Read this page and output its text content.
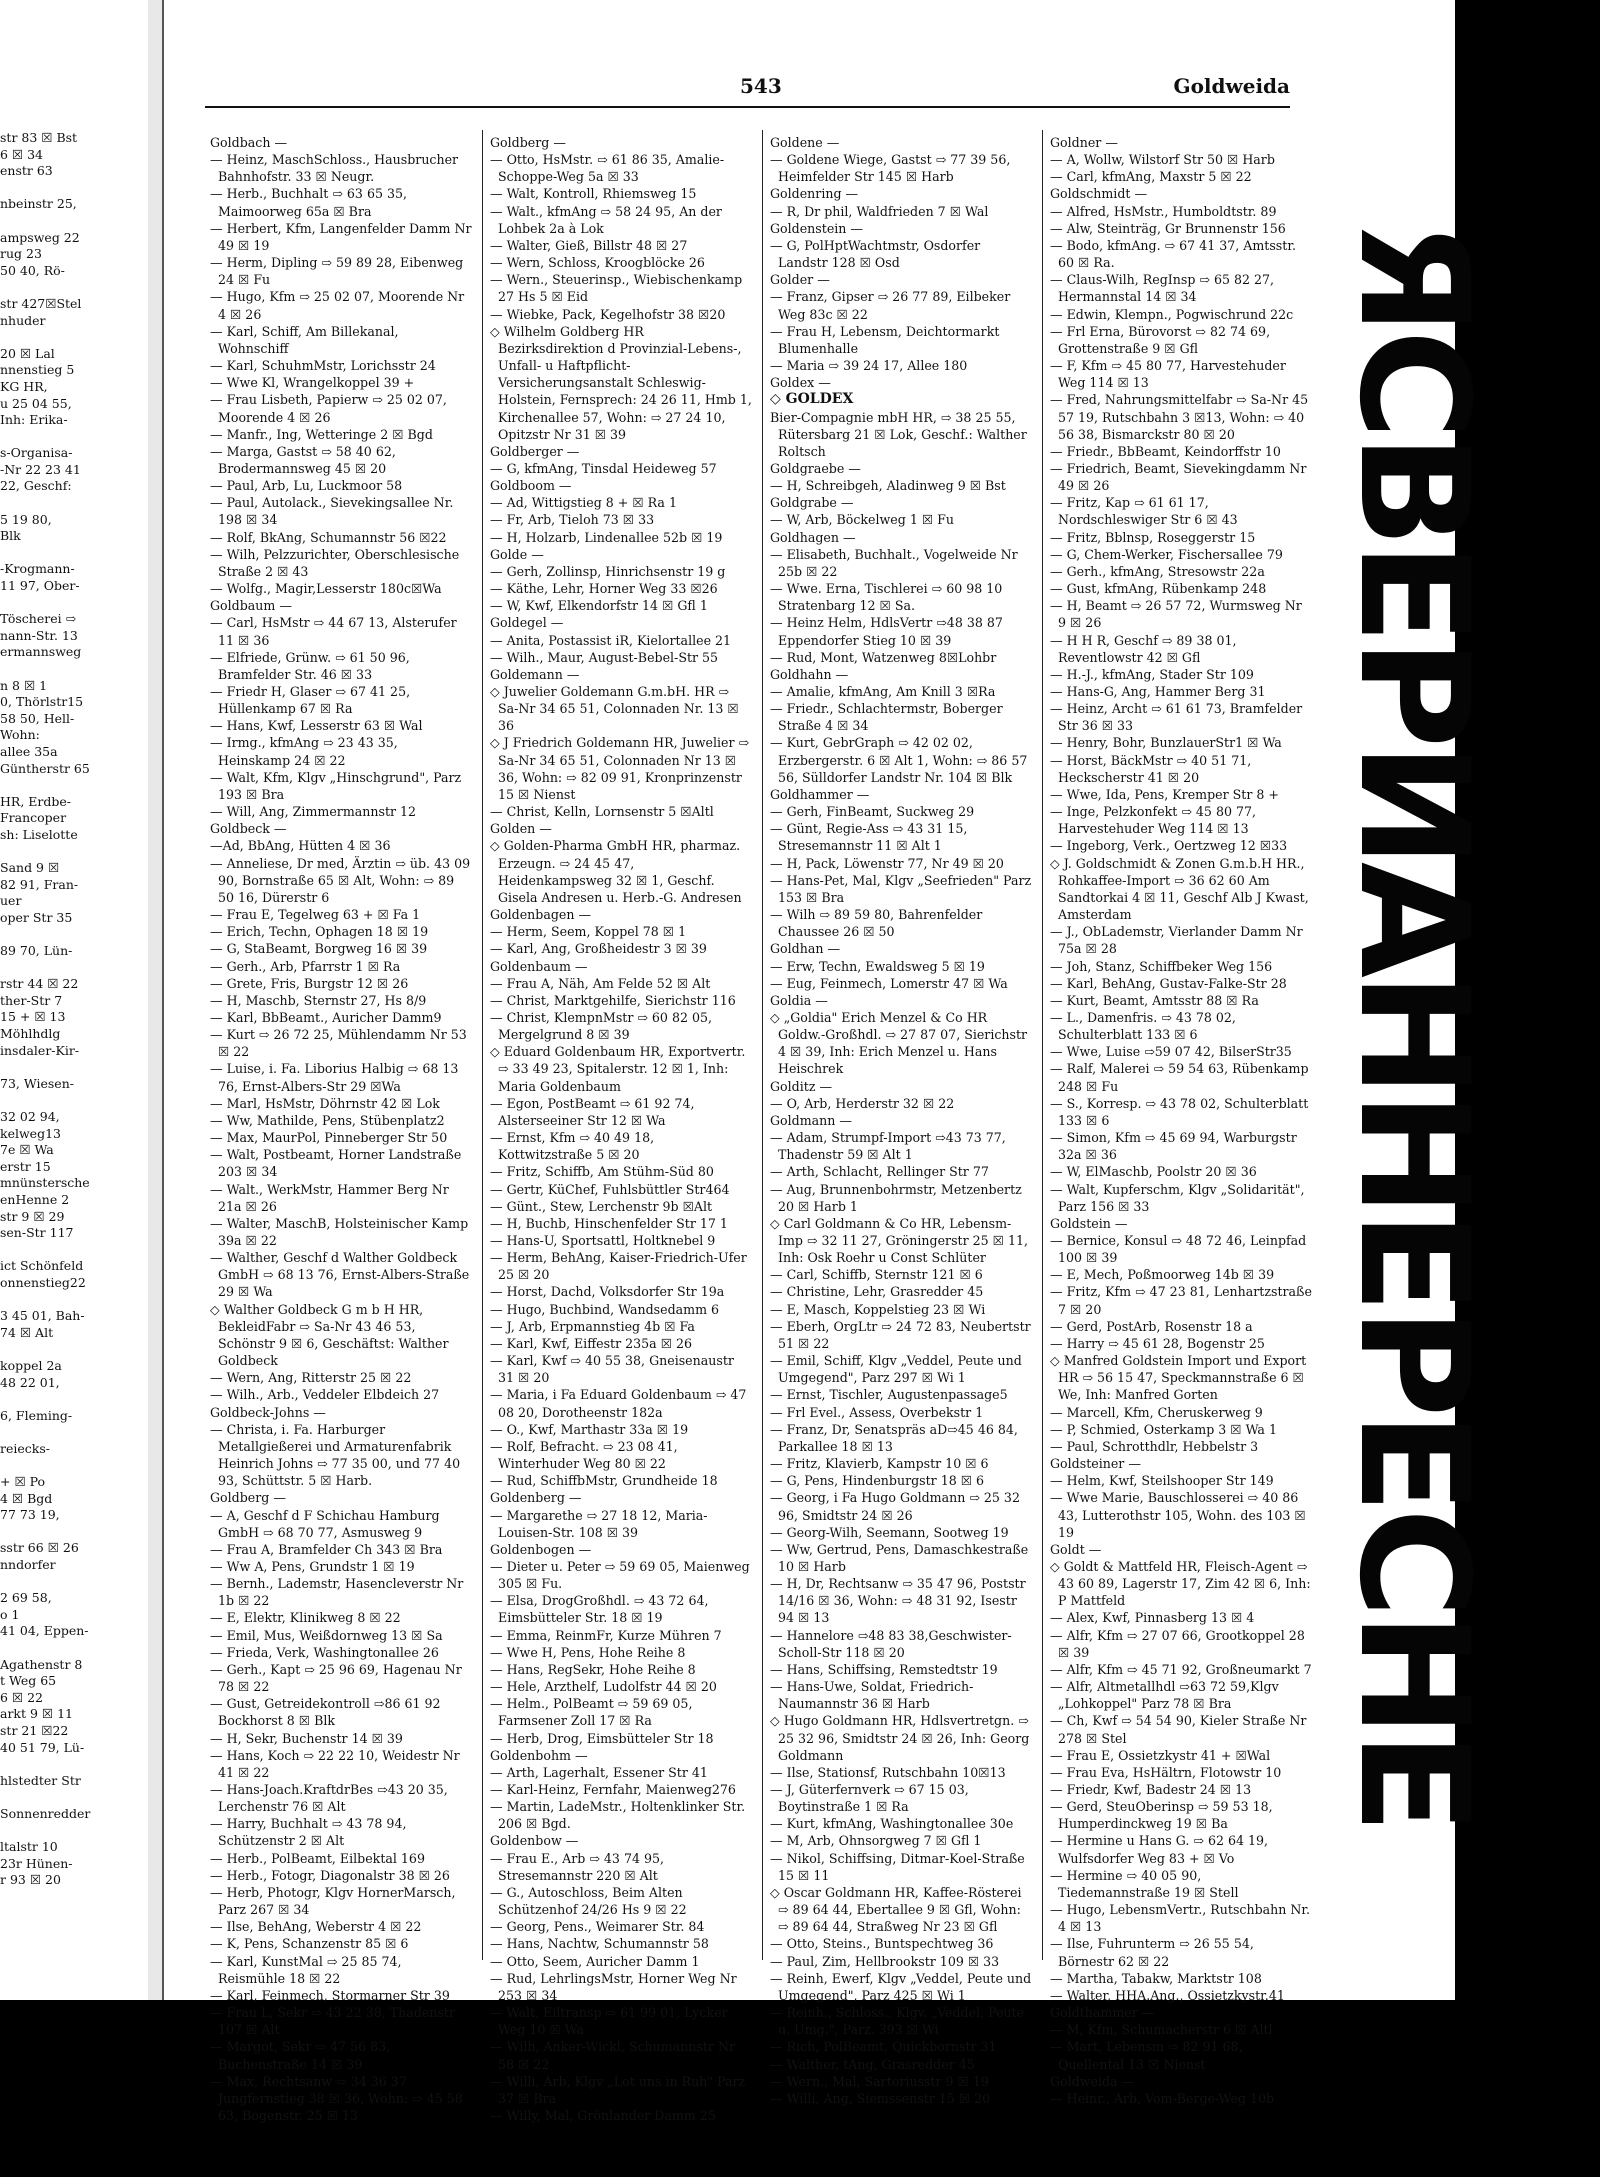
str 83 ☒ Bst
6 ☒ 34
enstr 63

nbeinstr 25,

ampsweg 22
rug 23
50 40, Rö-

str 427☒Stel
nhuder

20 ☒ Lal
nnenstieg 5
KG HR,
u 25 04 55,
Inh: Erika-

s-Organisa-
-Nr 22 23 41
22, Geschf:

5 19 80,
Blk

-Krogmann-
11 97, Ober-

Töscherei ⇨
nann-Str. 13
ermannsweg

n 8 ☒ 1
0, Thörlstr15
58 50, Hell-
Wohn:
allee 35a
Güntherstr 65

HR, Erdbe-
Francoper
sh: Liselotte

Sand 9 ☒
82 91, Fran-
uer
oper Str 35

89 70, Lün-

rstr 44 ☒ 22
ther-Str 7
15 + ☒ 13
Möhlhdlg
insdaler-Kir-

73, Wiesen-

32 02 94,
kelweg13
7e ☒ Wa
erstr 15
mnünstersche
enHenne 2
str 9 ☒ 29
sen-Str 117

ict Schönfeld
onnenstieg22

3 45 01, Bah-
74 ☒ Alt

koppel 2a
48 22 01,

6, Fleming-

reiecks-

+ ☒ Po
4 ☒ Bgd
77 73 19,

sstr 66 ☒ 26
nndorfer

2 69 58,
o 1
41 04, Eppen-

Agathenstr 8
t Weg 65
6 ☒ 22
arkt 9 ☒ 11
str 21 ☒22
40 51 79, Lü-

hlstedter Str

Sonnenredder

ltalstr 10
23r Hünen-
r 93 ☒ 20
543	Goldweida
Goldbach —
— Heinz, MaschSchloss., Hausbrucher Bahnhofstr. 33 ☒ Neugr.
— Herb., Buchhalt ⇨ 63 65 35, Maimoorweg 65a ☒ Bra
— Herbert, Kfm, Langenfelder Damm Nr 49 ☒ 19
— Herm, Dipling ⇨ 59 89 28, Eibenweg 24 ☒ Fu
— Hugo, Kfm ⇨ 25 02 07, Moorende Nr 4 ☒ 26
— Karl, Schiff, Am Billekanal, Wohnschiff
— Karl, SchuhmMstr, Lorichsstr 24
— Wwe Kl, Wrangelkoppel 39 +
— Frau Lisbeth, Papierw ⇨ 25 02 07, Moorende 4 ☒ 26
— Manfr., Ing, Wetteringe 2 ☒ Bgd
— Marga, Gastst ⇨ 58 40 62, Brodermannsweg 45 ☒ 20
— Paul, Arb, Lu, Luckmoor 58
— Paul, Autolack., Sievekingsallee Nr. 198 ☒ 34
— Rolf, BkAng, Schumannstr 56 ☒22
— Wilh, Pelzzurichter, Oberschlesische Straße 2 ☒ 43
— Wolfg., Magir,Lesserstr 180c☒Wa
Goldbaum —
— Carl, HsMstr ⇨ 44 67 13, Alsterufer 11 ☒ 36
— Elfriede, Grünw. ⇨ 61 50 96, Bramfelder Str. 46 ☒ 33
— Friedr H, Glaser ⇨ 67 41 25, Hüllenkamp 67 ☒ Ra
— Hans, Kwf, Lesserstr 63 ☒ Wal
— Irmg., kfmAng ⇨ 23 43 35, Heinskamp 24 ☒ 22
— Walt, Kfm, Klgv „Hinschgrund", Parz 193 ☒ Bra
— Will, Ang, Zimmermannstr 12
Goldbeck —
—Ad, BbAng, Hütten 4 ☒ 36
— Anneliese, Dr med, Ärztin ⇨ üb. 43 09 90, Bornstraße 65 ☒ Alt, Wohn: ⇨ 89 50 16, Dürerstr 6
— Frau E, Tegelweg 63 + ☒ Fa 1
— Erich, Techn, Ophagen 18 ☒ 19
— G, StaBeamt, Borgweg 16 ☒ 39
— Gerh., Arb, Pfarrstr 1 ☒ Ra
— Grete, Fris, Burgstr 12 ☒ 26
— H, Maschb, Sternstr 27, Hs 8/9
— Karl, BbBeamt., Auricher Damm9
— Kurt ⇨ 26 72 25, Mühlendamm Nr 53 ☒ 22
— Luise, i. Fa. Liborius Halbig ⇨ 68 13 76, Ernst-Albers-Str 29 ☒Wa
— Marl, HsMstr, Döhrnstr 42 ☒ Lok
— Ww, Mathilde, Pens, Stübenplatz2
— Max, MaurPol, Pinneberger Str 50
— Walt, Postbeamt, Horner Landstraße 203 ☒ 34
— Walt., WerkMstr, Hammer Berg Nr 21a ☒ 26
— Walter, MaschB, Holsteinischer Kamp 39a ☒ 22
— Walther, Geschf d Walther Goldbeck GmbH ⇨ 68 13 76, Ernst-Albers-Straße 29 ☒ Wa
◇ Walther Goldbeck G m b H HR, BekleidFabr ⇨ Sa-Nr 43 46 53, Schönstr 9 ☒ 6, Geschäftst: Walther Goldbeck
— Wern, Ang, Ritterstr 25 ☒ 22
— Wilh., Arb., Veddeler Elbdeich 27
Goldbeck-Johns —
— Christa, i. Fa. Harburger Metallgießerei und Armaturenfabrik Heinrich Johns ⇨ 77 35 00, und 77 40 93, Schüttstr. 5 ☒ Harb.
Goldberg —
— A, Geschf d F Schichau Hamburg GmbH ⇨ 68 70 77, Asmusweg 9
— Frau A, Bramfelder Ch 343 ☒ Bra
— Ww A, Pens, Grundstr 1 ☒ 19
— Bernh., Lademstr, Hasencleverstr Nr 1b ☒ 22
— E, Elektr, Klinikweg 8 ☒ 22
— Emil, Mus, Weißdornweg 13 ☒ Sa
— Frieda, Verk, Washingtonallee 26
— Gerh., Kapt ⇨ 25 96 69, Hagenau Nr 78 ☒ 22
— Gust, Getreidekontroll ⇨86 61 92 Bockhorst 8 ☒ Blk
— H, Sekr, Buchenstr 14 ☒ 39
— Hans, Koch ⇨ 22 22 10, Weidestr Nr 41 ☒ 22
— Hans-Joach.KraftdrBes ⇨43 20 35, Lerchenstr 76 ☒ Alt
— Harry, Buchhalt ⇨ 43 78 94, Schützenstr 2 ☒ Alt
— Herb., PolBeamt, Eilbektal 169
— Herb., Fotogr, Diagonalstr 38 ☒ 26
— Herb, Photogr, Klgv HornerMarsch, Parz 267 ☒ 34
— Ilse, BehAng, Weberstr 4 ☒ 22
— K, Pens, Schanzenstr 85 ☒ 6
— Karl, KunstMal ⇨ 25 85 74, Reismühle 18 ☒ 22
— Karl, Feinmech, Stormarner Str 39
— Frau L, Sekr ⇨ 43 22 38, Thadenstr 107 ☒ Alt
— Margot, Sekr ⇨ 47 56 83, Buchenstraße 14 ☒ 39
— Max, Rechtsanw ⇨ 34 36 37 Jungfernstieg 38 ☒ 36, Wohn: ⇨ 45 58 63, Bogenstr. 25 ☒ 13
Goldberg —
— Otto, HsMstr. ⇨ 61 86 35, Amalie-Schoppe-Weg 5a ☒ 33
— Walt, Kontroll, Rhiemsweg 15
— Walt., kfmAng ⇨ 58 24 95, An der Lohbek 2a à Lok
— Walter, Gieß, Billstr 48 ☒ 27
— Wern, Schloss, Kroogblöcke 26
— Wern., Steuerinsp., Wiebischenkamp 27 Hs 5 ☒ Eid
— Wiebke, Pack, Kegelhofstr 38 ☒20
◇ Wilhelm Goldberg HR Bezirksdirektion d Provinzial-Lebens-, Unfall- u Haftpflicht-Versicherungsanstalt Schleswig-Holstein, Fernsprech: 24 26 11, Hmb 1, Kirchenallee 57, Wohn: ⇨ 27 24 10, Opitzstr Nr 31 ☒ 39
Goldberger —
— G, kfmAng, Tinsdal Heideweg 57
Goldboom —
— Ad, Wittigstieg 8 + ☒ Ra 1
— Fr, Arb, Tieloh 73 ☒ 33
— H, Holzarb, Lindenallee 52b ☒ 19
Golde —
— Gerh, Zollinsp, Hinrichsenstr 19 g
— Käthe, Lehr, Horner Weg 33 ☒26
— W, Kwf, Elkendorfstr 14 ☒ Gfl 1
Goldegel —
— Anita, Postassist iR, Kielortallee 21
— Wilh., Maur, August-Bebel-Str 55
Goldemann —
◇ Juwelier Goldemann G.m.bH. HR ⇨ Sa-Nr 34 65 51, Colonnaden Nr. 13 ☒ 36
◇ J Friedrich Goldemann HR, Juwelier ⇨ Sa-Nr 34 65 51, Colonnaden Nr 13 ☒ 36, Wohn: ⇨ 82 09 91, Kronprinzenstr 15 ☒ Nienst
— Christ, Kelln, Lornsenstr 5 ☒Altl
Golden —
◇ Golden-Pharma GmbH HR, pharmaz. Erzeugn. ⇨ 24 45 47, Heidenkampsweg 32 ☒ 1, Geschf. Gisela Andresen u. Herb.-G. Andresen
Goldenbagen —
— Herm, Seem, Koppel 78 ☒ 1
— Karl, Ang, Großheidestr 3 ☒ 39
Goldenbaum —
— Frau A, Näh, Am Felde 52 ☒ Alt
— Christ, Marktgehilfe, Sierichstr 116
— Christ, KlempnMstr ⇨ 60 82 05, Mergelgrund 8 ☒ 39
◇ Eduard Goldenbaum HR, Exportvertr. ⇨ 33 49 23, Spitalerstr. 12 ☒ 1, Inh: Maria Goldenbaum
— Egon, PostBeamt ⇨ 61 92 74, Alsterseeiner Str 12 ☒ Wa
— Ernst, Kfm ⇨ 40 49 18, Kottwitzstraße 5 ☒ 20
— Fritz, Schiffb, Am Stühm-Süd 80
— Gertr, KüChef, Fuhlsbüttler Str464
— Günt., Stew, Lerchenstr 9b ☒Alt
— H, Buchb, Hinschenfelder Str 17 1
— Hans-U, Sportsattl, Holtknebel 9
— Herm, BehAng, Kaiser-Friedrich-Ufer 25 ☒ 20
— Horst, Dachd, Volksdorfer Str 19a
— Hugo, Buchbind, Wandsedamm 6
— J, Arb, Erpmannstieg 4b ☒ Fa
— Karl, Kwf, Eiffestr 235a ☒ 26
— Karl, Kwf ⇨ 40 55 38, Gneisenaustr 31 ☒ 20
— Maria, i Fa Eduard Goldenbaum ⇨ 47 08 20, Dorotheenstr 182a
— O., Kwf, Marthastr 33a ☒ 19
— Rolf, Befracht. ⇨ 23 08 41, Winterhuder Weg 80 ☒ 22
— Rud, SchiffbMstr, Grundheide 18
Goldenberg —
— Margarethe ⇨ 27 18 12, Maria-Louisen-Str. 108 ☒ 39
Goldenbogen —
— Dieter u. Peter ⇨ 59 69 05, Maienweg 305 ☒ Fu.
— Elsa, DrogGroßhdl. ⇨ 43 72 64, Eimsbütteler Str. 18 ☒ 19
— Emma, ReinmFr, Kurze Mühren 7
— Wwe H, Pens, Hohe Reihe 8
— Hans, RegSekr, Hohe Reihe 8
— Hele, Arzthelf, Ludolfstr 44 ☒ 20
— Helm., PolBeamt ⇨ 59 69 05, Farmsener Zoll 17 ☒ Ra
— Herb, Drog, Eimsbütteler Str 18
Goldenbohm —
— Arth, Lagerhalt, Essener Str 41
— Karl-Heinz, Fernfahr, Maienweg276
— Martin, LadeMstr., Holtenklinker Str. 206 ☒ Bgd.
Goldenbow —
— Frau E., Arb ⇨ 43 74 95, Stresemannstr 220 ☒ Alt
— G., Autoschloss, Beim Alten Schützenhof 24/26 Hs 9 ☒ 22
— Georg, Pens., Weimarer Str. 84
— Hans, Nachtw, Schumannstr 58
— Otto, Seem, Auricher Damm 1
— Rud, LehrlingsMstr, Horner Weg Nr 253 ☒ 34
— Walt, Eiltransp ⇨ 61 99 01, Lycker Weg 10 ☒ Wa
— Wilh, Anker-Wickl, Schumannstr Nr 58 ☒ 22
— Willi, Arb, Klgv „Lot uns in Ruh" Parz 37 ☒ Bra
— Willy, Mal, Grönlander Damm 25
Goldene —
— Goldene Wiege, Gastst ⇨ 77 39 56, Heimfelder Str 145 ☒ Harb
Goldenring —
— R, Dr phil, Waldfrieden 7 ☒ Wal
Goldenstein —
— G, PolHptWachtmstr, Osdorfer Landstr 128 ☒ Osd
Golder —
— Franz, Gipser ⇨ 26 77 89, Eilbeker Weg 83c ☒ 22
— Frau H, Lebensm, Deichtormarkt Blumenhalle
— Maria ⇨ 39 24 17, Allee 180
Goldex —
◇ GOLDEX
Bier-Compagnie mbH HR, ⇨ 38 25 55, Rütersbarg 21 ☒ Lok, Geschf.: Walther Roltsch
Goldgraebe —
— H, Schreibgeh, Aladinweg 9 ☒ Bst
Goldgrabe —
— W, Arb, Böckelweg 1 ☒ Fu
Goldhagen —
— Elisabeth, Buchhalt., Vogelweide Nr 25b ☒ 22
— Wwe. Erna, Tischlerei ⇨ 60 98 10 Stratenbarg 12 ☒ Sa.
— Heinz Helm, HdlsVertr ⇨48 38 87 Eppendorfer Stieg 10 ☒ 39
— Rud, Mont, Watzenweg 8☒Lohbr
Goldhahn —
— Amalie, kfmAng, Am Knill 3 ☒Ra
— Friedr., Schlachtermstr, Boberger Straße 4 ☒ 34
— Kurt, GebrGraph ⇨ 42 02 02, Erzbergerstr. 6 ☒ Alt 1, Wohn: ⇨ 86 57 56, Sülldorfer Landstr Nr. 104 ☒ Blk
Goldhammer —
— Gerh, FinBeamt, Suckweg 29
— Günt, Regie-Ass ⇨ 43 31 15, Stresemannstr 11 ☒ Alt 1
— H, Pack, Löwenstr 77, Nr 49 ☒ 20
— Hans-Pet, Mal, Klgv „Seefrieden" Parz 153 ☒ Bra
— Wilh ⇨ 89 59 80, Bahrenfelder Chaussee 26 ☒ 50
Goldhan —
— Erw, Techn, Ewaldsweg 5 ☒ 19
— Eug, Feinmech, Lomerstr 47 ☒ Wa
Goldia —
◇ „Goldia" Erich Menzel & Co HR Goldw.-Großhdl. ⇨ 27 87 07, Sierichstr 4 ☒ 39, Inh: Erich Menzel u. Hans Heischrek
Golditz —
— O, Arb, Herderstr 32 ☒ 22
Goldmann —
— Adam, Strumpf-Import ⇨43 73 77, Thadenstr 59 ☒ Alt 1
— Arth, Schlacht, Rellinger Str 77
— Aug, Brunnenbohrmstr, Metzenbertz 20 ☒ Harb 1
◇ Carl Goldmann & Co HR, Lebensm-Imp ⇨ 32 11 27, Gröningerstr 25 ☒ 11, Inh: Osk Roehr u Const Schlüter
— Carl, Schiffb, Sternstr 121 ☒ 6
— Christine, Lehr, Grasredder 45
— E, Masch, Koppelstieg 23 ☒ Wi
— Eberh, OrgLtr ⇨ 24 72 83, Neubertstr 51 ☒ 22
— Emil, Schiff, Klgv „Veddel, Peute und Umgegend", Parz 297 ☒ Wi 1
— Ernst, Tischler, Augustenpassage5
— Frl Evel., Assess, Overbekstr 1
— Franz, Dr, Senatspräs aD⇨45 46 84, Parkallee 18 ☒ 13
— Fritz, Klavierb, Kampstr 10 ☒ 6
— G, Pens, Hindenburgstr 18 ☒ 6
— Georg, i Fa Hugo Goldmann ⇨ 25 32 96, Smidtstr 24 ☒ 26
— Georg-Wilh, Seemann, Sootweg 19
— Ww, Gertrud, Pens, Damaschkestraße 10 ☒ Harb
— H, Dr, Rechtsanw ⇨ 35 47 96, Poststr 14/16 ☒ 36, Wohn: ⇨ 48 31 92, Isestr 94 ☒ 13
— Hannelore ⇨48 83 38,Geschwister-Scholl-Str 118 ☒ 20
— Hans, Schiffsing, Remstedtstr 19
— Hans-Uwe, Soldat, Friedrich-Naumannstr 36 ☒ Harb
◇ Hugo Goldmann HR, Hdlsvertretgn. ⇨ 25 32 96, Smidtstr 24 ☒ 26, Inh: Georg Goldmann
— Ilse, Stationsf, Rutschbahn 10☒13
— J, Güterfernverk ⇨ 67 15 03, Boytinstraße 1 ☒ Ra
— Kurt, kfmAng, Washingtonallee 30e
— M, Arb, Ohnsorgweg 7 ☒ Gfl 1
— Nikol, Schiffsing, Ditmar-Koel-Straße 15 ☒ 11
◇ Oscar Goldmann HR, Kaffee-Rösterei ⇨ 89 64 44, Ebertallee 9 ☒ Gfl, Wohn: ⇨ 89 64 44, Straßweg Nr 23 ☒ Gfl
— Otto, Steins., Buntspechtweg 36
— Paul, Zim, Hellbrookstr 109 ☒ 33
— Reinh, Ewerf, Klgv „Veddel, Peute und Umgegend", Parz 425 ☒ Wi 1
— Reinh., Schloss., Klgv. „Veddel, Peute u. Umg.", Parz. 393 ☒ Wi
— Rich, PolBeamt, Quickbornstr 31
— Walther, tAng, Grasredder 45
— Wern., Mal, Sartoriusstr 9 ☒ 19
— Willi, Ang, Siemssenstr 15 ☒ 20
Goldner —
— A, Wollw, Wilstorf Str 50 ☒ Harb
— Carl, kfmAng, Maxstr 5 ☒ 22
Goldschmidt —
— Alfred, HsMstr., Humboldtstr. 89
— Alw, Steinträg, Gr Brunnenstr 156
— Bodo, kfmAng. ⇨ 67 41 37, Amtsstr. 60 ☒ Ra.
— Claus-Wilh, RegInsp ⇨ 65 82 27, Hermannstal 14 ☒ 34
— Edwin, Klempn., Pogwischrund 22c
— Frl Erna, Bürovorst ⇨ 82 74 69, Grottenstraße 9 ☒ Gfl
— F, Kfm ⇨ 45 80 77, Harvestehuder Weg 114 ☒ 13
— Fred, Nahrungsmittelfabr ⇨ Sa-Nr 45 57 19, Rutschbahn 3 ☒13, Wohn: ⇨ 40 56 38, Bismarckstr 80 ☒ 20
— Friedr., BbBeamt, Keindorffstr 10
— Friedrich, Beamt, Sievekingdamm Nr 49 ☒ 26
— Fritz, Kap ⇨ 61 61 17, Nordschleswiger Str 6 ☒ 43
— Fritz, Bblnsp, Roseggerstr 15
— G, Chem-Werker, Fischersallee 79
— Gerh., kfmAng, Stresowstr 22a
— Gust, kfmAng, Rübenkamp 248
— H, Beamt ⇨ 26 57 72, Wurmsweg Nr 9 ☒ 26
— H H R, Geschf ⇨ 89 38 01, Reventlowstr 42 ☒ Gfl
— H.-J., kfmAng, Stader Str 109
— Hans-G, Ang, Hammer Berg 31
— Heinz, Archt ⇨ 61 61 73, Bramfelder Str 36 ☒ 33
— Henry, Bohr, BunzlauerStr1 ☒ Wa
— Horst, BäckMstr ⇨ 40 51 71, Heckscherstr 41 ☒ 20
— Wwe, Ida, Pens, Kremper Str 8 +
— Inge, Pelzkonfekt ⇨ 45 80 77, Harvestehuder Weg 114 ☒ 13
— Ingeborg, Verk., Oertzweg 12 ☒33
◇ J. Goldschmidt & Zonen G.m.b.H HR., Rohkaffee-Import ⇨ 36 62 60 Am Sandtorkai 4 ☒ 11, Geschf Alb J Kwast, Amsterdam
— J., ObLademstr, Vierlander Damm Nr 75a ☒ 28
— Joh, Stanz, Schiffbeker Weg 156
— Karl, BehAng, Gustav-Falke-Str 28
— Kurt, Beamt, Amtsstr 88 ☒ Ra
— L., Damenfris. ⇨ 43 78 02, Schulterblatt 133 ☒ 6
— Wwe, Luise ⇨59 07 42, BilserStr35
— Ralf, Malerei ⇨ 59 54 63, Rübenkamp 248 ☒ Fu
— S., Korresp. ⇨ 43 78 02, Schulterblatt 133 ☒ 6
— Simon, Kfm ⇨ 45 69 94, Warburgstr 32a ☒ 36
— W, ElMaschb, Poolstr 20 ☒ 36
— Walt, Kupferschm, Klgv „Solidarität", Parz 156 ☒ 33
Goldstein —
— Bernice, Konsul ⇨ 48 72 46, Leinpfad 100 ☒ 39
— E, Mech, Poßmoorweg 14b ☒ 39
— Fritz, Kfm ⇨ 47 23 81, Lenhartzstraße 7 ☒ 20
— Gerd, PostArb, Rosenstr 18 a
— Harry ⇨ 45 61 28, Bogenstr 25
◇ Manfred Goldstein Import und Export HR ⇨ 56 15 47, Speckmannstraße 6 ☒ We, Inh: Manfred Gorten
— Marcell, Kfm, Cheruskerweg 9
— P, Schmied, Osterkamp 3 ☒ Wa 1
— Paul, Schrotthdlr, Hebbelstr 3
Goldsteiner —
— Helm, Kwf, Steilshooper Str 149
— Wwe Marie, Bauschlosserei ⇨ 40 86 43, Lutterothstr 105, Wohn. des 103 ☒ 19
Goldt —
◇ Goldt & Mattfeld HR, Fleisch-Agent ⇨ 43 60 89, Lagerstr 17, Zim 42 ☒ 6, Inh: P Mattfeld
— Alex, Kwf, Pinnasberg 13 ☒ 4
— Alfr, Kfm ⇨ 27 07 66, Grootkoppel 28 ☒ 39
— Alfr, Kfm ⇨ 45 71 92, Großneumarkt 7
— Alfr, Altmetallhdl ⇨63 72 59,Klgv „Lohkoppel" Parz 78 ☒ Bra
— Ch, Kwf ⇨ 54 54 90, Kieler Straße Nr 278 ☒ Stel
— Frau E, Ossietzkystr 41 + ☒Wal
— Frau Eva, HsHältrn, Flotowstr 10
— Friedr, Kwf, Badestr 24 ☒ 13
— Gerd, SteuOberinsp ⇨ 59 53 18, Humperdinckweg 19 ☒ Ba
— Hermine u Hans G. ⇨ 62 64 19, Wulfsdorfer Weg 83 + ☒ Vo
— Hermine ⇨ 40 05 90, Tiedemannstraße 19 ☒ Stell
— Hugo, LebensmVertr., Rutschbahn Nr. 4 ☒ 13
— Ilse, Fuhrunterm ⇨ 26 55 54, Börnestr 62 ☒ 22
— Martha, Tabakw, Marktstr 108
— Walter, HHA.Ang., Ossietzkystr.41
Goldthammer —
— M, Kfm, Schumacherstr 6 ☒ Altl
— Mart, Lebensm ⇨ 82 91 68, Quellental 13 ☒ Nienst
Goldweida —
— Heinr., Arb, Vom-Berge-Weg 10b
ЯСВЕРИАННЕРЕСНЕ
